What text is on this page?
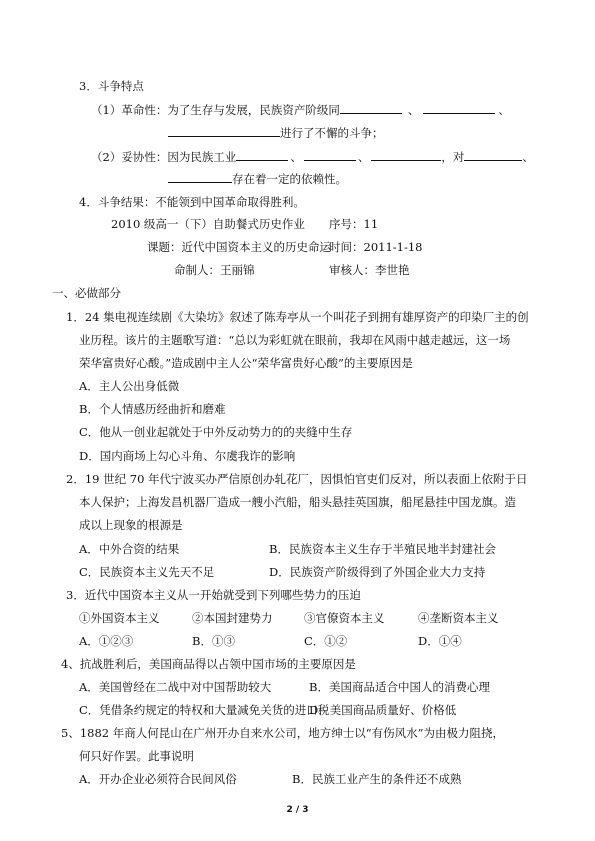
3．斗争特点
（1）革命性：为了生存与发展，民族资产阶级同	、	、
进行了不懈的斗争；
（2）妥协性：因为民族工业	、	、	，对	、
存在着一定的依赖性。
4．斗争结果：不能领到中国革命取得胜利。
2010 级高一（下）自助餐式历史作业 序号：11
课题：近代中国资本主义的历史命运
时间：2011-1-18
命制人：王丽锦	审核人：李世艳
一、必做部分
1．24 集电视连续剧《大染坊》叙述了陈寿亭从一个叫花子到拥有雄厚资产的印染厂主的创
业历程。该片的主题歌写道：“总以为彩虹就在眼前，我却在风雨中越走越远，这一场
荣华富贵好心酸。”造成剧中主人公“荣华富贵好心酸”的主要原因是
A．主人公出身低微
B．个人情感历经曲折和磨难
C．他从一创业起就处于中外反动势力的的夹缝中生存
D．国内商场上勾心斗角、尔虞我诈的影响
2．19 世纪 70 年代宁波买办严信原创办轧花厂，因惧怕官吏们反对，所以表面上依附于日
本人保护；上海发昌机器厂造成一艘小汽船，船头悬挂英国旗，船尾悬挂中国龙旗。造
成以上现象的根源是
A．中外合资的结果	B．民族资本主义生存于半殖民地半封建社会
C．民族资本主义先天不足	D．民族资产阶级得到了外国企业大力支持
3．近代中国资本主义从一开始就受到下列哪些势力的压迫
①外国资本主义	②本国封建势力	③官僚资本主义	④垄断资本主义
A．①②③	B．①③	C．①②	D．①④
4、抗战胜利后，美国商品得以占领中国市场的主要原因是
A．美国曾经在二战中对中国帮助较大	B．美国商品适合中国人的消费心理
C．凭借条约规定的特权和大量减免关货的进口税
D．美国商品质量好、价格低
5、1882 年商人何昆山在广州开办自来水公司，地方绅士以“有伤风水”为由极力阻挠，
何只好作罢。此事说明
A．开办企业必须符合民间风俗	B．民族工业产生的条件还不成熟
2 / 3
